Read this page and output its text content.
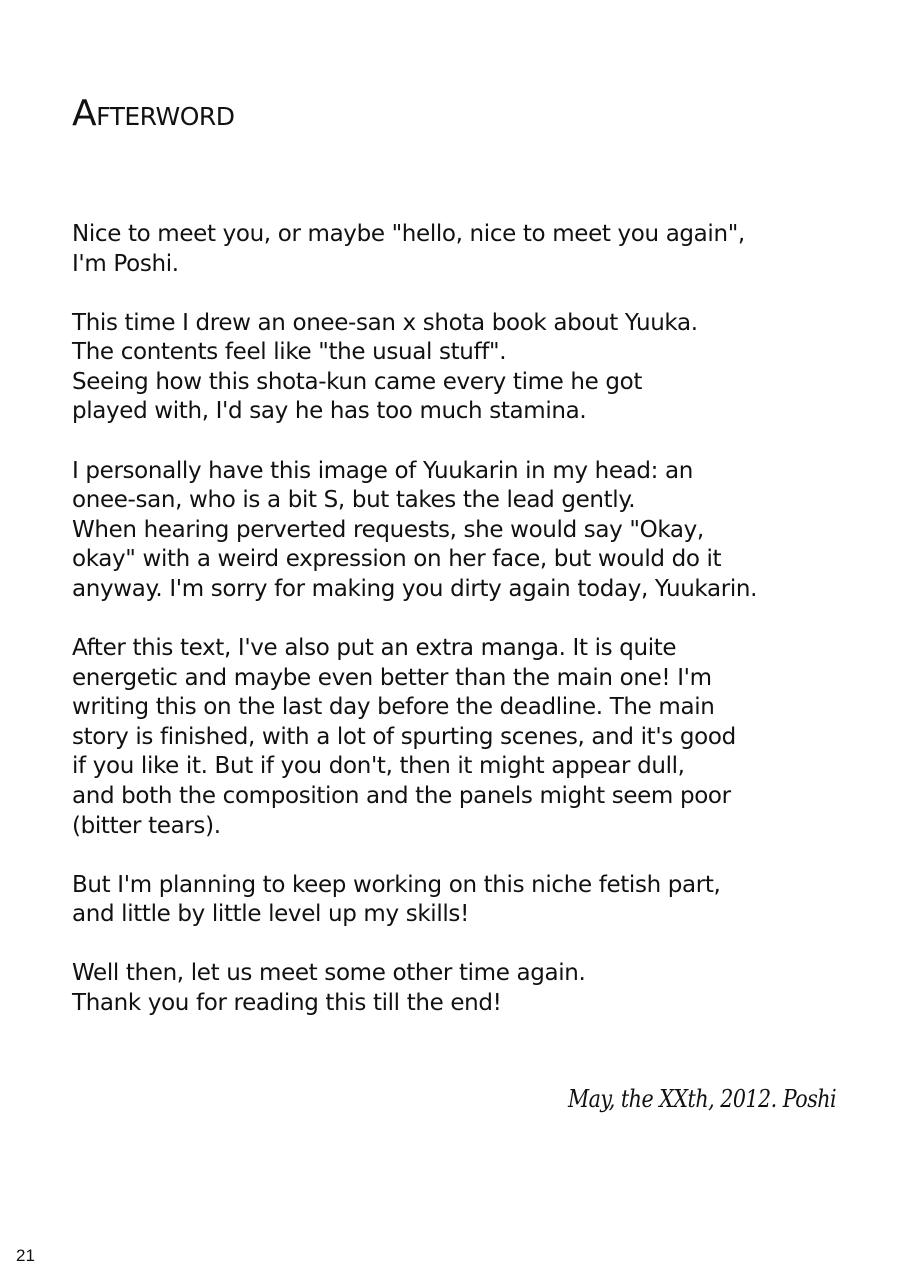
AFTERWORD
Nice to meet you, or maybe "hello, nice to meet you again",
I'm Poshi.
This time I drew an onee-san x shota book about Yuuka.
The contents feel like "the usual stuff".
Seeing how this shota-kun came every time he got
played with, I'd say he has too much stamina.
I personally have this image of Yuukarin in my head: an
onee-san, who is a bit S, but takes the lead gently.
When hearing perverted requests, she would say "Okay,
okay" with a weird expression on her face, but would do it
anyway. I'm sorry for making you dirty again today, Yuukarin.
After this text, I've also put an extra manga. It is quite
energetic and maybe even better than the main one! I'm
writing this on the last day before the deadline. The main
story is finished, with a lot of spurting scenes, and it's good
if you like it. But if you don't, then it might appear dull,
and both the composition and the panels might seem poor
(bitter tears).
But I'm planning to keep working on this niche fetish part,
and little by little level up my skills!
Well then, let us meet some other time again.
Thank you for reading this till the end!
May, the XXth, 2012. Poshi
21
